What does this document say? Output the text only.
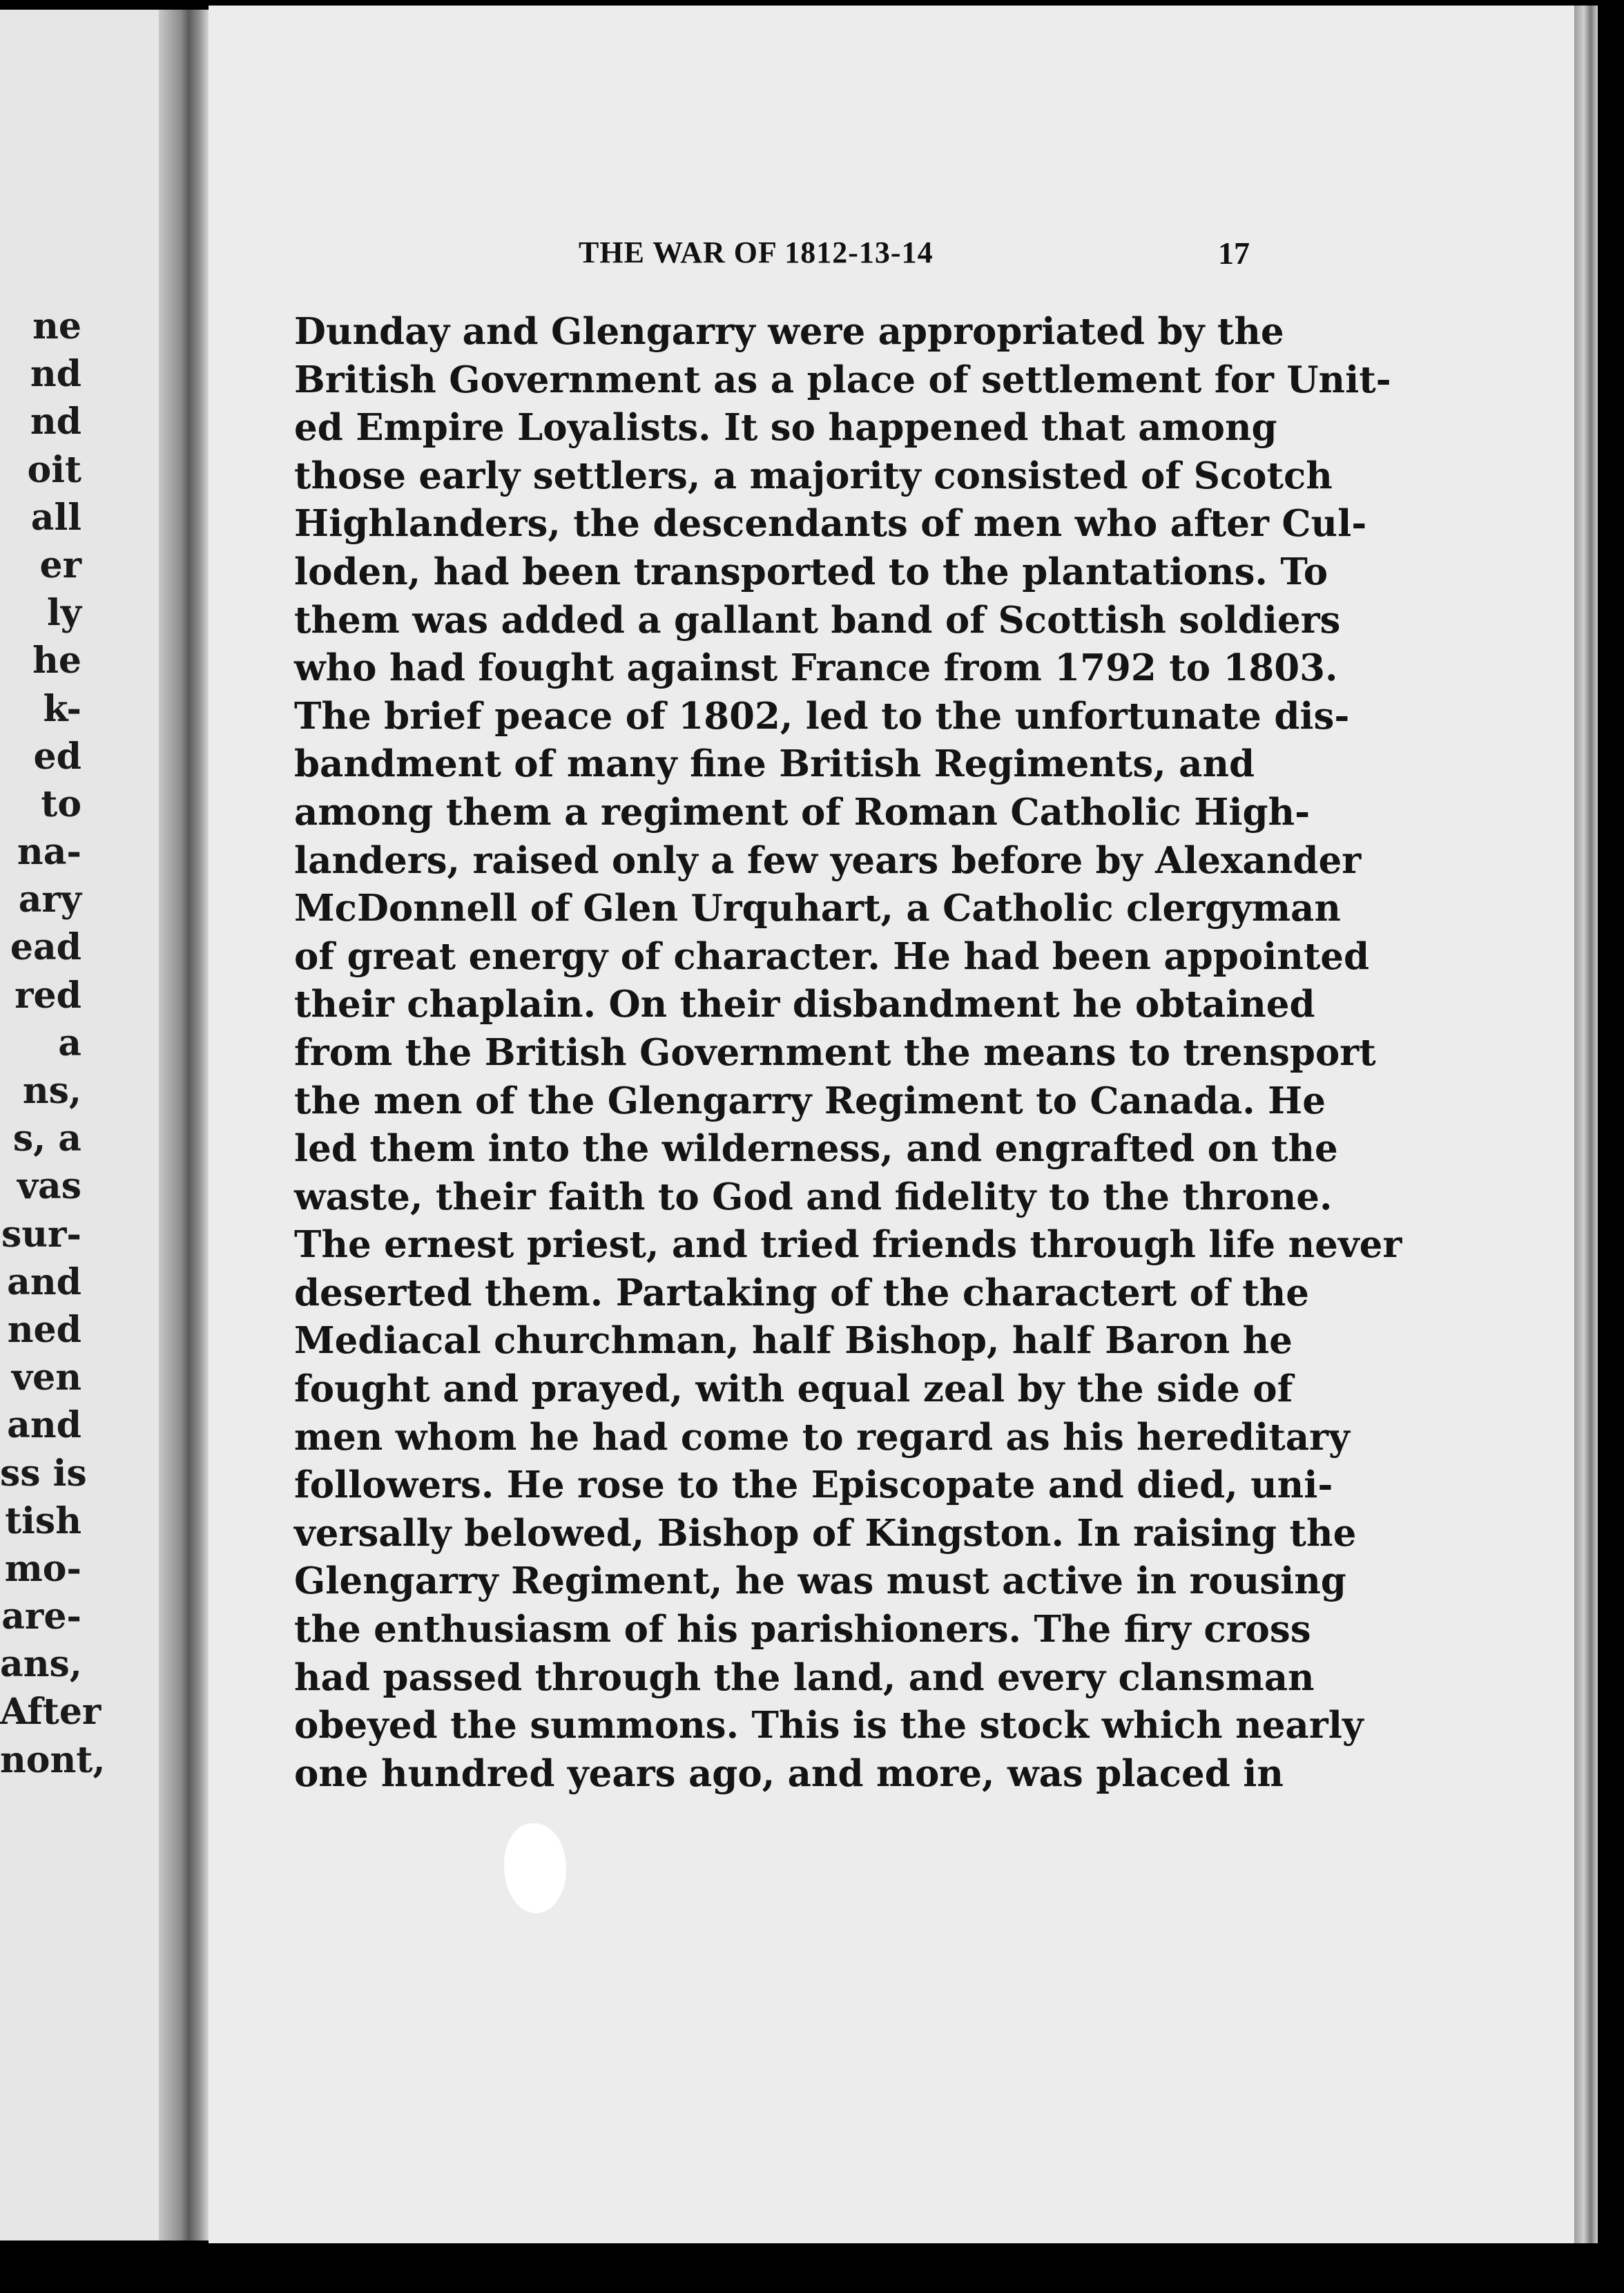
ne
nd
nd
oit
all
er
ly
he
k-
ed
to
na-
ary
ead
red
a
ns,
s, a
vas
sur-
and
ned
ven
and
ss is
tish
mo-
are-
ans,
After
nont,
THE WAR OF 1812-13-14	17
Dunday and Glengarry were appropriated by the
British Government as a place of settlement for Unit-
ed Empire Loyalists. It so happened that among
those early settlers, a majority consisted of Scotch
Highlanders, the descendants of men who after Cul-
loden, had been transported to the plantations. To
them was added a gallant band of Scottish soldiers
who had fought against France from 1792 to 1803.
The brief peace of 1802, led to the unfortunate dis-
bandment of many fine British Regiments, and
among them a regiment of Roman Catholic High-
landers, raised only a few years before by Alexander
McDonnell of Glen Urquhart, a Catholic clergyman
of great energy of character. He had been appointed
their chaplain. On their disbandment he obtained
from the British Government the means to trensport
the men of the Glengarry Regiment to Canada. He
led them into the wilderness, and engrafted on the
waste, their faith to God and fidelity to the throne.
The ernest priest, and tried friends through life never
deserted them. Partaking of the charactert of the
Mediacal churchman, half Bishop, half Baron he
fought and prayed, with equal zeal by the side of
men whom he had come to regard as his hereditary
followers. He rose to the Episcopate and died, uni-
versally belowed, Bishop of Kingston. In raising the
Glengarry Regiment, he was must active in rousing
the enthusiasm of his parishioners. The firy cross
had passed through the land, and every clansman
obeyed the summons. This is the stock which nearly
one hundred years ago, and more, was placed in
